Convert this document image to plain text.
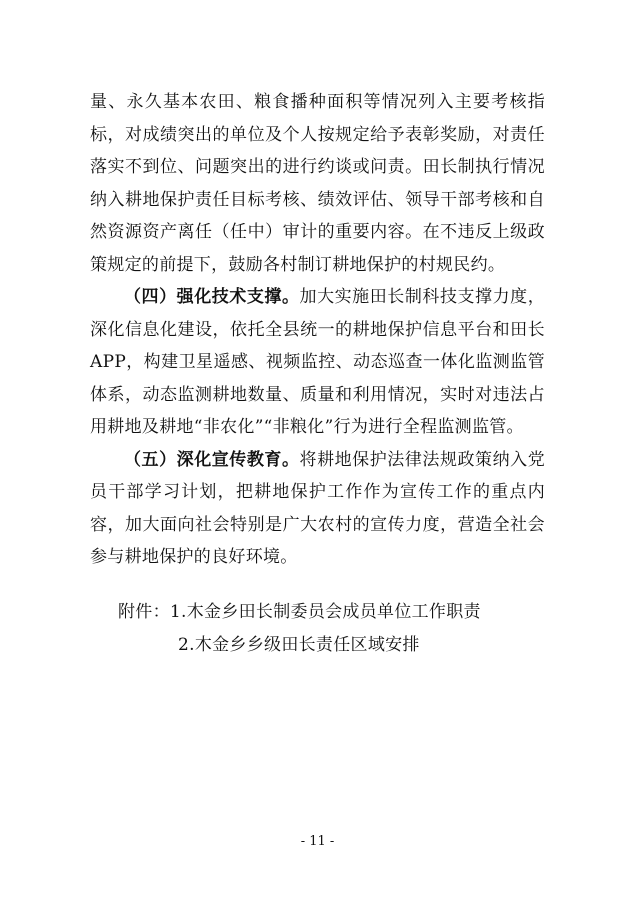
量、永久基本农田、粮食播种面积等情况列入主要考核指标，对成绩突出的单位及个人按规定给予表彰奖励，对责任落实不到位、问题突出的进行约谈或问责。田长制执行情况纳入耕地保护责任目标考核、绩效评估、领导干部考核和自然资源资产离任（任中）审计的重要内容。在不违反上级政策规定的前提下，鼓励各村制订耕地保护的村规民约。

（四）强化技术支撑。加大实施田长制科技支撑力度，深化信息化建设，依托全县统一的耕地保护信息平台和田长APP，构建卫星遥感、视频监控、动态巡查一体化监测监管体系，动态监测耕地数量、质量和利用情况，实时对违法占用耕地及耕地“非农化”“非粮化”行为进行全程监测监管。

（五）深化宣传教育。将耕地保护法律法规政策纳入党员干部学习计划，把耕地保护工作作为宣传工作的重点内容，加大面向社会特别是广大农村的宣传力度，营造全社会参与耕地保护的良好环境。

附件：1.木金乡田长制委员会成员单位工作职责
2.木金乡乡级田长责任区域安排
- 11 -
